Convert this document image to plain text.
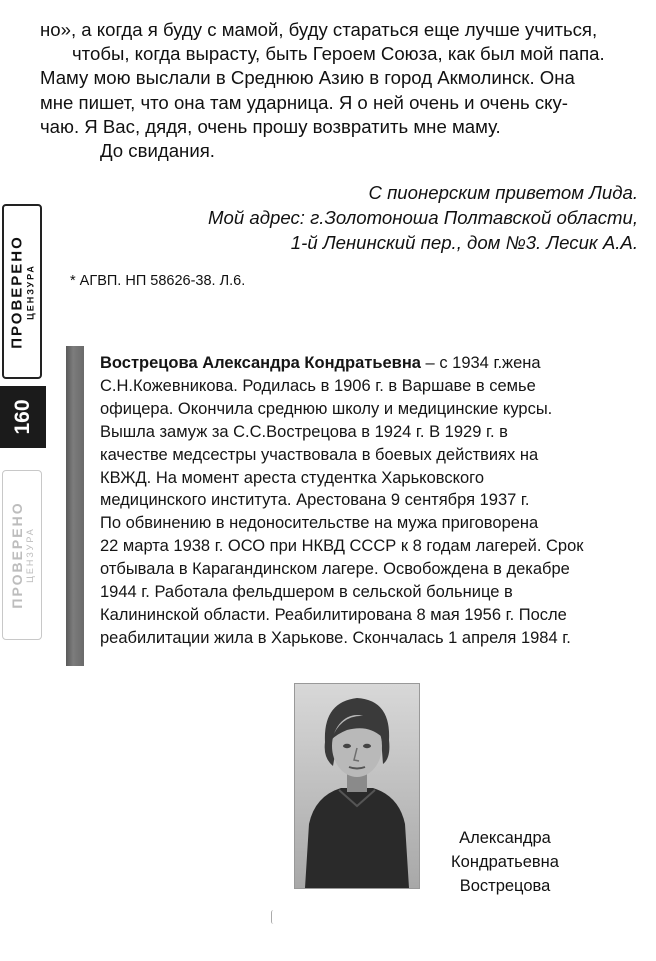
но», а когда я буду с мамой, буду стараться еще лучше учиться,
чтобы, когда вырасту, быть Героем Союза, как был мой папа.
Маму мою выслали в Среднюю Азию в город Акмолинск. Она
мне пишет, что она там ударница. Я о ней очень и очень ску-
чаю. Я Вас, дядя, очень прошу возвратить мне маму.
До свидания.
С пионерским приветом Лида.
Мой адрес: г.Золотоноша Полтавской области,
1-й Ленинский пер., дом №3. Лесик А.А.
* АГВП. НП 58626-38. Л.6.
ПРОВЕРЕНО ЦЕНЗУРА
160
ПРОВЕРЕНО ЦЕНЗУРА
Вострецова Александра Кондратьевна – с 1934 г.жена
С.Н.Кожевникова. Родилась в 1906 г. в Варшаве в семье
офицера. Окончила среднюю школу и медицинские курсы.
Вышла замуж за С.С.Вострецова в 1924 г. В 1929 г. в
качестве медсестры участвовала в боевых действиях на
КВЖД. На момент ареста студентка Харьковского
медицинского института. Арестована 9 сентября 1937 г.
По обвинению в недоносительстве на мужа приговорена
22 марта 1938 г. ОСО при НКВД СССР к 8 годам лагерей. Срок
отбывала в Карагандинском лагере. Освобождена в декабре
1944 г. Работала фельдшером в сельской больнице в
Калининской области. Реабилитирована 8 мая 1956 г. После
реабилитации жила в Харькове. Скончалась 1 апреля 1984 г.
Александра
Кондратьевна
Вострецова
